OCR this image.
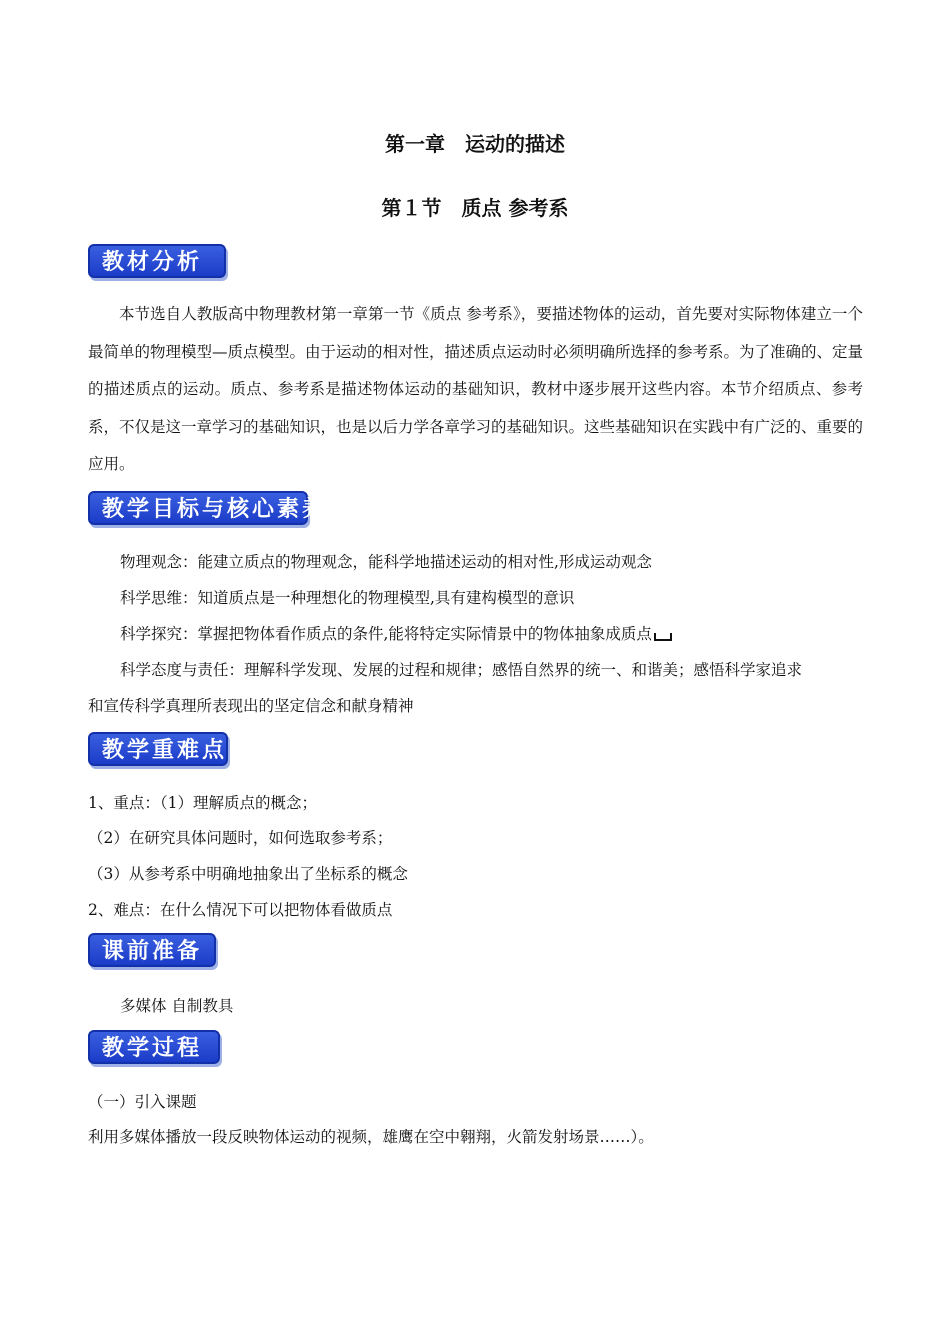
第一章　运动的描述
第１节　质点 参考系
教材分析

本节选自人教版高中物理教材第一章第一节《质点 参考系》，要描述物体的运动，首先要对实际物体建立一个最简单的物理模型—质点模型。由于运动的相对性，描述质点运动时必须明确所选择的参考系。为了准确的、定量的描述质点的运动。质点、参考系是描述物体运动的基础知识，教材中逐步展开这些内容。本节介绍质点、参考系，不仅是这一章学习的基础知识，也是以后力学各章学习的基础知识。这些基础知识在实践中有广泛的、重要的应用。

教学目标与核心素养

物理观念：能建立质点的物理观念，能科学地描述运动的相对性,形成运动观念

科学思维：知道质点是一种理想化的物理模型,具有建构模型的意识

科学探究：掌握把物体看作质点的条件,能将特定实际情景中的物体抽象成质点

科学态度与责任：理解科学发现、发展的过程和规律；感悟自然界的统一、和谐美；感悟科学家追求

和宣传科学真理所表现出的坚定信念和献身精神

教学重难点

1、重点：（1）理解质点的概念；

（2）在研究具体问题时，如何选取参考系；

（3）从参考系中明确地抽象出了坐标系的概念

2、难点：在什么情况下可以把物体看做质点

课前准备

多媒体 自制教具

教学过程

（一）引入课题

利用多媒体播放一段反映物体运动的视频，雄鹰在空中翱翔，火箭发射场景……）。
